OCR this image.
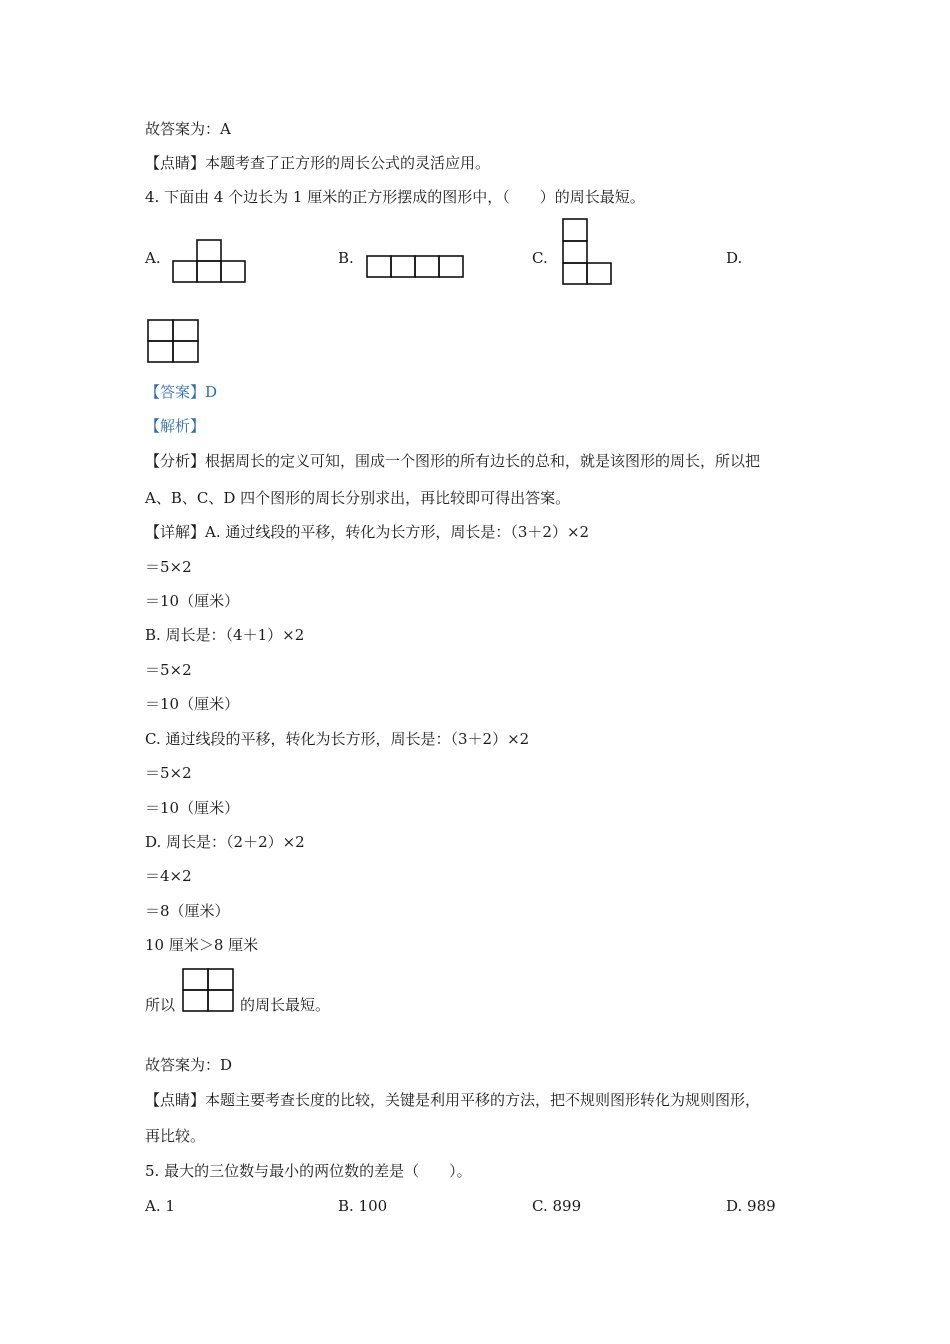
故答案为：A
【点睛】本题考查了正方形的周长公式的灵活应用。
4. 下面由 4 个边长为 1 厘米的正方形摆成的图形中，（　　）的周长最短。
A.	B.	C.	D.
【答案】D
【解析】
【分析】根据周长的定义可知，围成一个图形的所有边长的总和，就是该图形的周长，所以把
A、B、C、D 四个图形的周长分别求出，再比较即可得出答案。
【详解】A. 通过线段的平移，转化为长方形，周长是：（3＋2）×2
＝5×2
＝10（厘米）
B. 周长是：（4＋1）×2
＝5×2
＝10（厘米）
C. 通过线段的平移，转化为长方形，周长是：（3＋2）×2
＝5×2
＝10（厘米）
D. 周长是：（2＋2）×2
＝4×2
＝8（厘米）
10 厘米＞8 厘米
所以	的周长最短。
故答案为：D
【点睛】本题主要考查长度的比较，关键是利用平移的方法，把不规则图形转化为规则图形，
再比较。
5. 最大的三位数与最小的两位数的差是（　　）。
A. 1	B. 100	C. 899	D. 989
